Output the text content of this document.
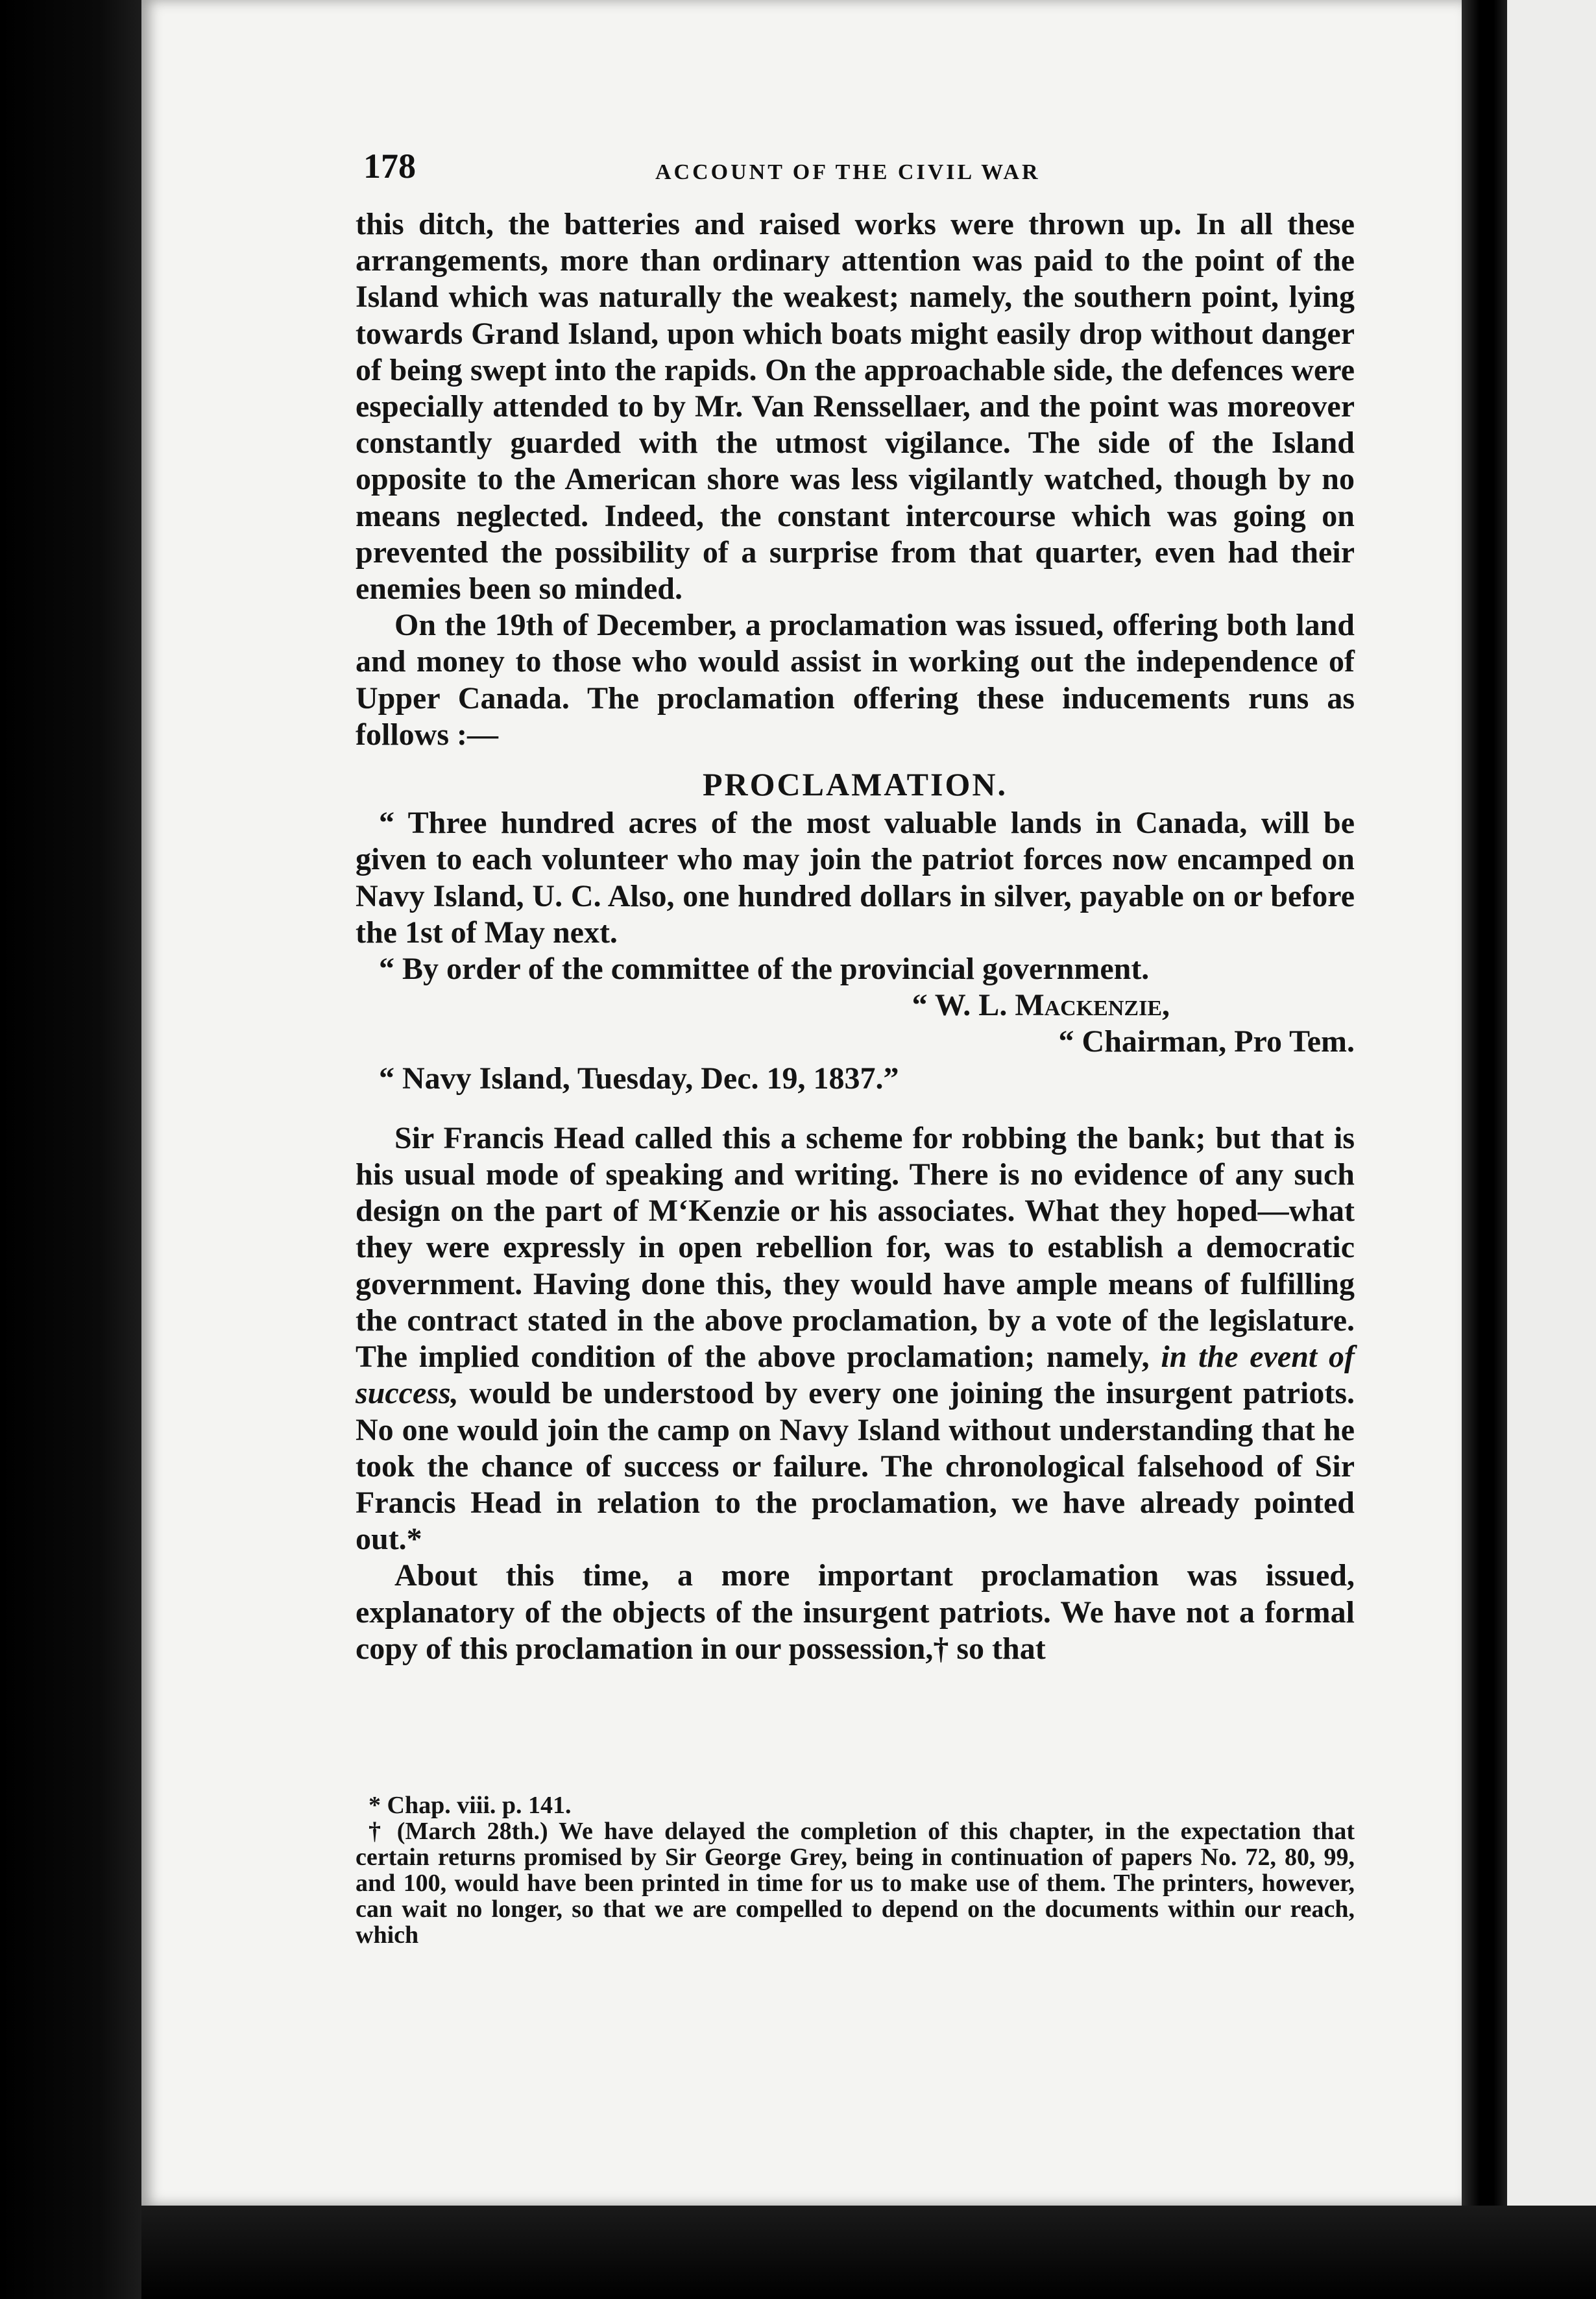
178	ACCOUNT OF THE CIVIL WAR

this ditch, the batteries and raised works were thrown up. In all these arrangements, more than ordinary attention was paid to the point of the Island which was naturally the weakest; namely, the southern point, lying towards Grand Island, upon which boats might easily drop without danger of being swept into the rapids. On the approachable side, the defences were especially attended to by Mr. Van Renssellaer, and the point was moreover constantly guarded with the utmost vigilance. The side of the Island opposite to the American shore was less vigilantly watched, though by no means neglected. Indeed, the constant intercourse which was going on prevented the possibility of a surprise from that quarter, even had their enemies been so minded.

On the 19th of December, a proclamation was issued, offering both land and money to those who would assist in working out the independence of Upper Canada. The proclamation offering these inducements runs as follows :—

PROCLAMATION.

“ Three hundred acres of the most valuable lands in Canada, will be given to each volunteer who may join the patriot forces now encamped on Navy Island, U. C. Also, one hundred dollars in silver, payable on or before the 1st of May next.

“ By order of the committee of the provincial government.

“ W. L. Mackenzie,

“ Chairman, Pro Tem.

“ Navy Island, Tuesday, Dec. 19, 1837.”

Sir Francis Head called this a scheme for robbing the bank; but that is his usual mode of speaking and writing. There is no evidence of any such design on the part of M‘Kenzie or his associates. What they hoped—what they were expressly in open rebellion for, was to establish a democratic government. Having done this, they would have ample means of fulfilling the contract stated in the above proclamation, by a vote of the legislature. The implied condition of the above proclamation; namely, in the event of success, would be understood by every one joining the insurgent patriots. No one would join the camp on Navy Island without understanding that he took the chance of success or failure. The chronological falsehood of Sir Francis Head in relation to the proclamation, we have already pointed out.*

About this time, a more important proclamation was issued, explanatory of the objects of the insurgent patriots. We have not a formal copy of this proclamation in our possession,† so that

* Chap. viii. p. 141.

† (March 28th.) We have delayed the completion of this chapter, in the expectation that certain returns promised by Sir George Grey, being in continuation of papers No. 72, 80, 99, and 100, would have been printed in time for us to make use of them. The printers, however, can wait no longer, so that we are compelled to depend on the documents within our reach, which
